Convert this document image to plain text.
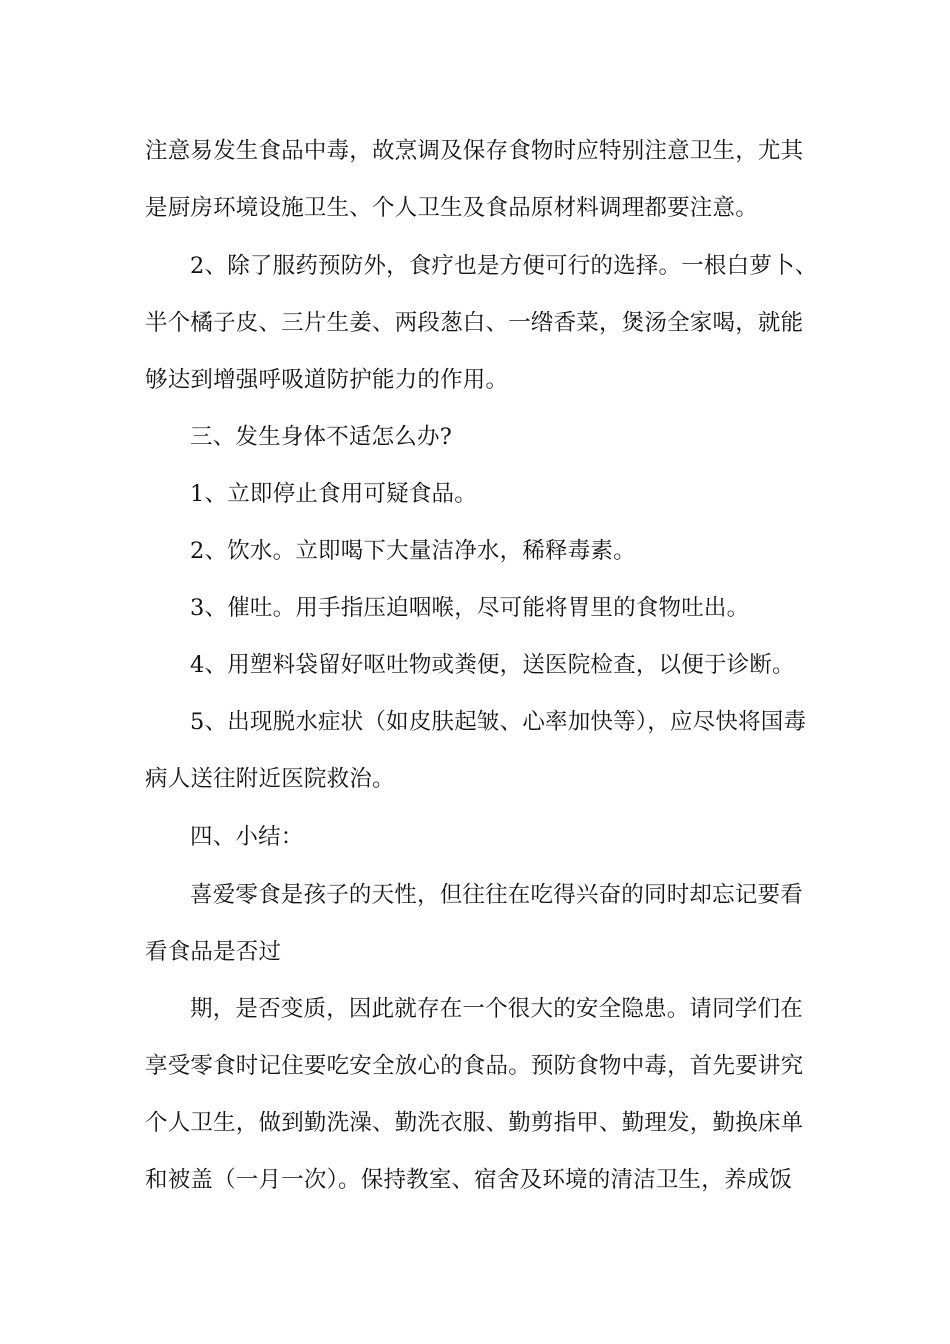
注意易发生食品中毒，故烹调及保存食物时应特别注意卫生，尤其
是厨房环境设施卫生、个人卫生及食品原材料调理都要注意。
2、除了服药预防外，食疗也是方便可行的选择。一根白萝卜、
半个橘子皮、三片生姜、两段葱白、一绺香菜，煲汤全家喝，就能
够达到增强呼吸道防护能力的作用。
三、发生身体不适怎么办?
1、立即停止食用可疑食品。
2、饮水。立即喝下大量洁净水，稀释毒素。
3、催吐。用手指压迫咽喉，尽可能将胃里的食物吐出。
4、用塑料袋留好呕吐物或粪便，送医院检查，以便于诊断。
5、出现脱水症状（如皮肤起皱、心率加快等），应尽快将国毒
病人送往附近医院救治。
四、小结：
喜爱零食是孩子的天性，但往往在吃得兴奋的同时却忘记要看
看食品是否过
期，是否变质，因此就存在一个很大的安全隐患。请同学们在
享受零食时记住要吃安全放心的食品。预防食物中毒，首先要讲究
个人卫生，做到勤洗澡、勤洗衣服、勤剪指甲、勤理发，勤换床单
和被盖（一月一次）。保持教室、宿舍及环境的清洁卫生，养成饭
